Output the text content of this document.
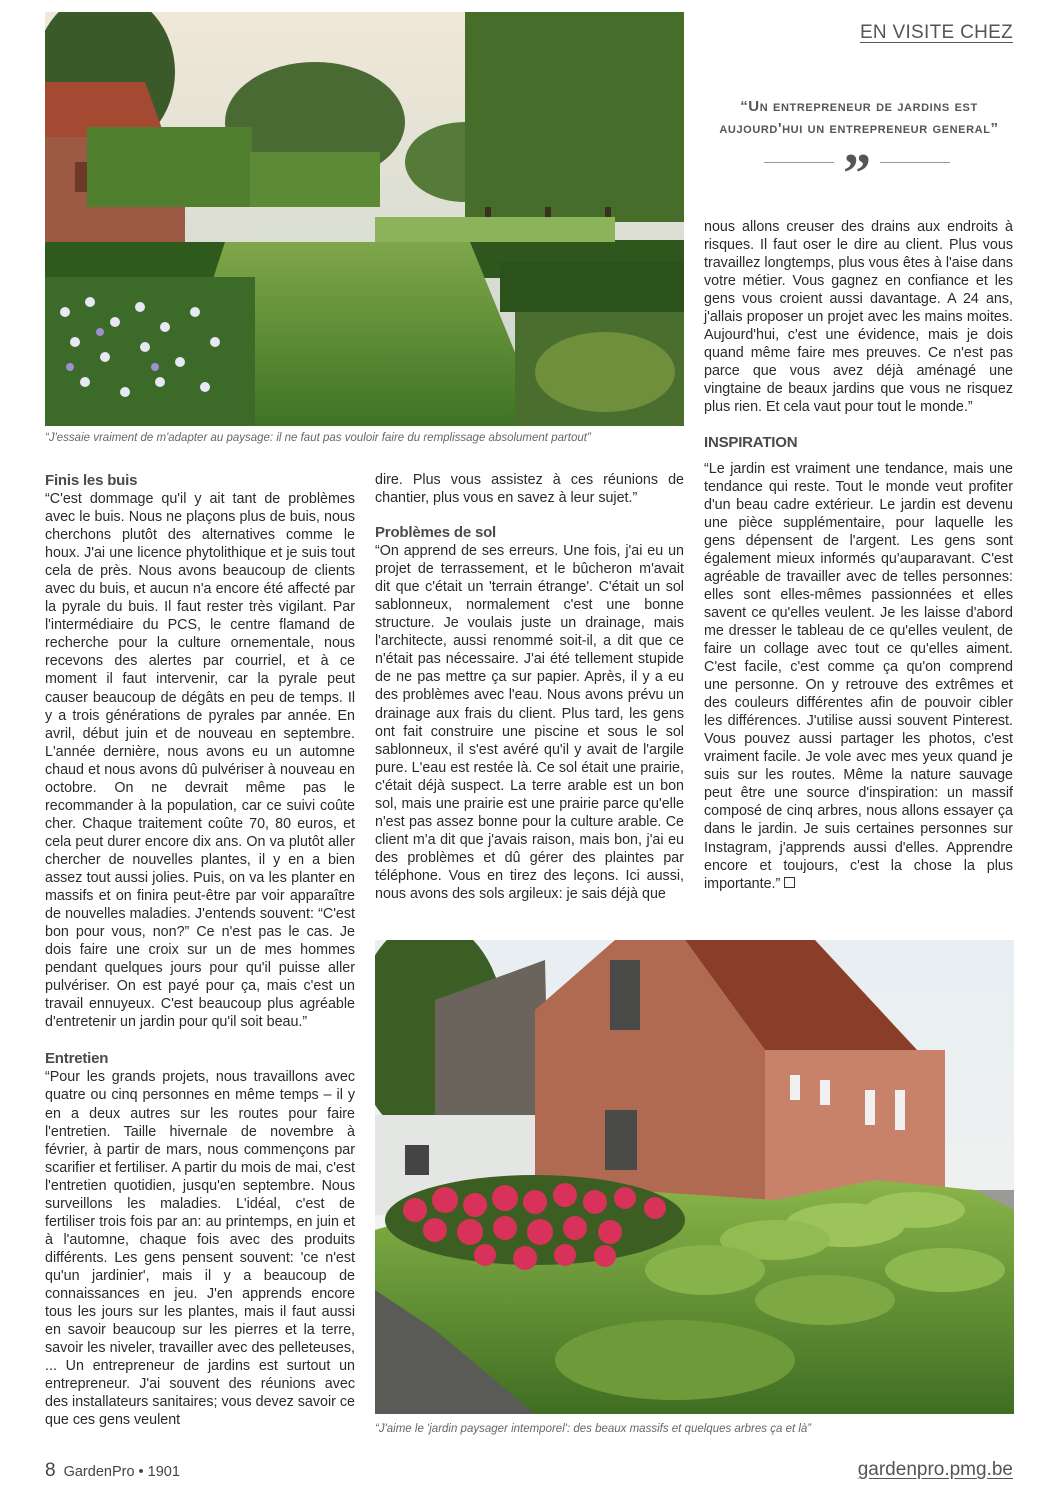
EN VISITE CHEZ
“J'essaie vraiment de m'adapter au paysage: il ne faut pas vouloir faire du remplissage absolument partout”
“Un entrepreneur de jardins est
aujourd'hui un entrepreneur general”
”
Finis les buis

“C'est dommage qu'il y ait tant de problèmes avec le buis. Nous ne plaçons plus de buis, nous cherchons plutôt des alternatives comme le houx. J'ai une licence phytolithique et je suis tout cela de près. Nous avons beaucoup de clients avec du buis, et aucun n'a encore été affecté par la pyrale du buis. Il faut rester très vigilant. Par l'intermédiaire du PCS, le centre flamand de recherche pour la culture ornementale, nous recevons des alertes par courriel, et à ce moment il faut intervenir, car la pyrale peut causer beaucoup de dégâts en peu de temps. Il y a trois générations de pyrales par année. En avril, début juin et de nouveau en septembre. L'année dernière, nous avons eu un automne chaud et nous avons dû pulvériser à nouveau en octobre. On ne devrait même pas le recommander à la population, car ce suivi coûte cher. Chaque traitement coûte 70, 80 euros, et cela peut durer encore dix ans. On va plutôt aller chercher de nouvelles plantes, il y en a bien assez tout aussi jolies. Puis, on va les planter en massifs et on finira peut-être par voir apparaître de nouvelles maladies. J'entends souvent: “C'est bon pour vous, non?” Ce n'est pas le cas. Je dois faire une croix sur un de mes hommes pendant quelques jours pour qu'il puisse aller pulvériser. On est payé pour ça, mais c'est un travail ennuyeux. C'est beaucoup plus agréable d'entretenir un jardin pour qu'il soit beau.”

Entretien

“Pour les grands projets, nous travaillons avec quatre ou cinq personnes en même temps – il y en a deux autres sur les routes pour faire l'entretien. Taille hivernale de novembre à février, à partir de mars, nous commençons par scarifier et fertiliser. A partir du mois de mai, c'est l'entretien quotidien, jusqu'en septembre. Nous surveillons les maladies. L'idéal, c'est de fertiliser trois fois par an: au printemps, en juin et à l'automne, chaque fois avec des produits différents. Les gens pensent souvent: 'ce n'est qu'un jardinier', mais il y a beaucoup de connaissances en jeu. J'en apprends encore tous les jours sur les plantes, mais il faut aussi en savoir beaucoup sur les pierres et la terre, savoir les niveler, travailler avec des pelleteuses, ... Un entrepreneur de jardins est surtout un entrepreneur. J'ai souvent des réunions avec des installateurs sanitaires; vous devez savoir ce que ces gens veulent

dire. Plus vous assistez à ces réunions de chantier, plus vous en savez à leur sujet.”

Problèmes de sol

“On apprend de ses erreurs. Une fois, j'ai eu un projet de terrassement, et le bûcheron m'avait dit que c'était un 'terrain étrange'. C'était un sol sablonneux, normalement c'est une bonne structure. Je voulais juste un drainage, mais l'architecte, aussi renommé soit-il, a dit que ce n'était pas nécessaire. J'ai été tellement stupide de ne pas mettre ça sur papier. Après, il y a eu des problèmes avec l'eau. Nous avons prévu un drainage aux frais du client. Plus tard, les gens ont fait construire une piscine et sous le sol sablonneux, il s'est avéré qu'il y avait de l'argile pure. L'eau est restée là. Ce sol était une prairie, c'était déjà suspect. La terre arable est un bon sol, mais une prairie est une prairie parce qu'elle n'est pas assez bonne pour la culture arable. Ce client m'a dit que j'avais raison, mais bon, j'ai eu des problèmes et dû gérer des plaintes par téléphone. Vous en tirez des leçons. Ici aussi, nous avons des sols argileux: je sais déjà que

nous allons creuser des drains aux endroits à risques. Il faut oser le dire au client. Plus vous travaillez longtemps, plus vous êtes à l'aise dans votre métier. Vous gagnez en confiance et les gens vous croient aussi davantage. A 24 ans, j'allais proposer un projet avec les mains moites. Aujourd'hui, c'est une évidence, mais je dois quand même faire mes preuves. Ce n'est pas parce que vous avez déjà aménagé une vingtaine de beaux jardins que vous ne risquez plus rien. Et cela vaut pour tout le monde.”

INSPIRATION

“Le jardin est vraiment une tendance, mais une tendance qui reste. Tout le monde veut profiter d'un beau cadre extérieur. Le jardin est devenu une pièce supplémentaire, pour laquelle les gens dépensent de l'argent. Les gens sont également mieux informés qu'auparavant. C'est agréable de travailler avec de telles personnes: elles sont elles-mêmes passionnées et elles savent ce qu'elles veulent. Je les laisse d'abord me dresser le tableau de ce qu'elles veulent, de faire un collage avec tout ce qu'elles aiment. C'est facile, c'est comme ça qu'on comprend une personne. On y retrouve des extrêmes et des couleurs différentes afin de pouvoir cibler les différences. J'utilise aussi souvent Pinterest. Vous pouvez aussi partager les photos, c'est vraiment facile. Je vole avec mes yeux quand je suis sur les routes. Même la nature sauvage peut être une source d'inspiration: un massif composé de cinq arbres, nous allons essayer ça dans le jardin. Je suis certaines personnes sur Instagram, j'apprends aussi d'elles. Apprendre encore et toujours, c'est la chose la plus importante.”

“J'aime le 'jardin paysager intemporel': des beaux massifs et quelques arbres ça et là”
8 GardenPro • 1901	gardenpro.pmg.be
